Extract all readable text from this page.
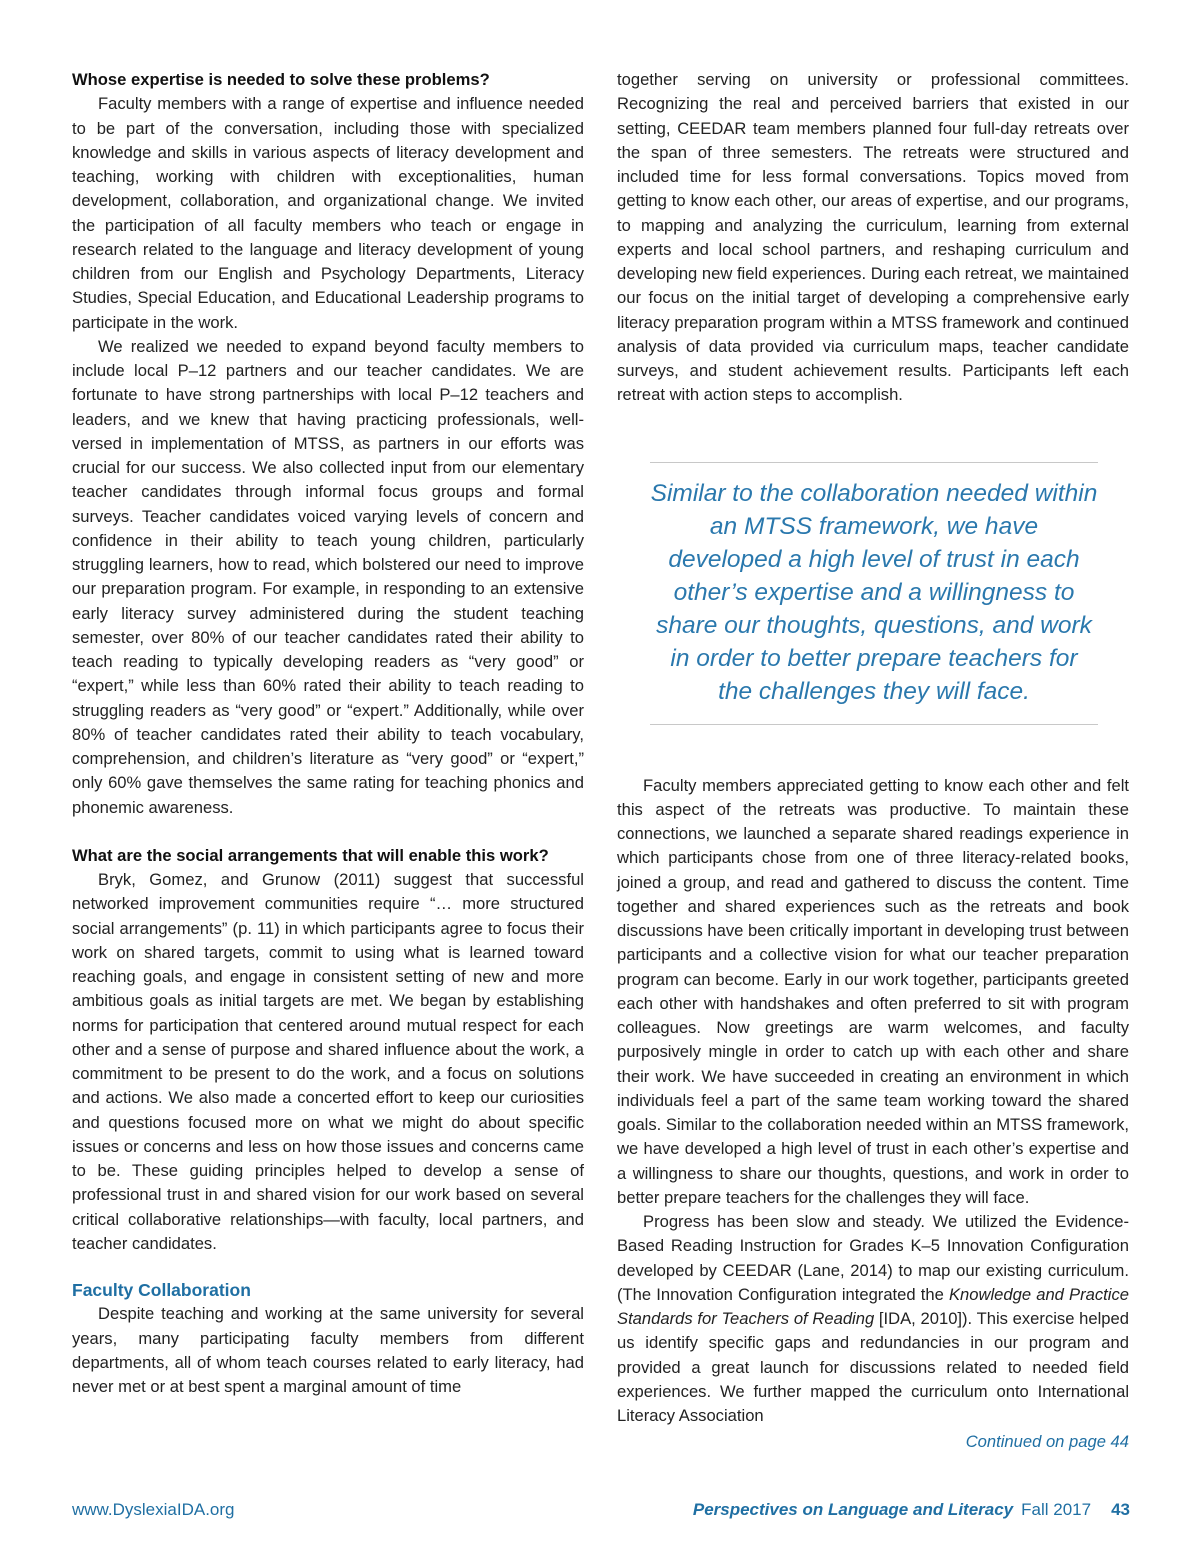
Whose expertise is needed to solve these problems?

Faculty members with a range of expertise and influence needed to be part of the conversation, including those with specialized knowledge and skills in various aspects of literacy development and teaching, working with children with exceptionalities, human development, collaboration, and organizational change. We invited the participation of all faculty members who teach or engage in research related to the language and literacy development of young children from our English and Psychology Departments, Literacy Studies, Special Education, and Educational Leadership programs to participate in the work.

We realized we needed to expand beyond faculty members to include local P–12 partners and our teacher candidates. We are fortunate to have strong partnerships with local P–12 teachers and leaders, and we knew that having practicing professionals, well-versed in implementation of MTSS, as partners in our efforts was crucial for our success. We also collected input from our elementary teacher candidates through informal focus groups and formal surveys. Teacher candidates voiced varying levels of concern and confidence in their ability to teach young children, particularly struggling learners, how to read, which bolstered our need to improve our preparation program. For example, in responding to an extensive early literacy survey administered during the student teaching semester, over 80% of our teacher candidates rated their ability to teach reading to typically developing readers as “very good” or “expert,” while less than 60% rated their ability to teach reading to struggling readers as “very good” or “expert.” Additionally, while over 80% of teacher candidates rated their ability to teach vocabulary, comprehension, and children’s literature as “very good” or “expert,” only 60% gave themselves the same rating for teaching phonics and phonemic awareness.

What are the social arrangements that will enable this work?

Bryk, Gomez, and Grunow (2011) suggest that successful networked improvement communities require “… more structured social arrangements” (p. 11) in which participants agree to focus their work on shared targets, commit to using what is learned toward reaching goals, and engage in consistent setting of new and more ambitious goals as initial targets are met. We began by establishing norms for participation that centered around mutual respect for each other and a sense of purpose and shared influence about the work, a commitment to be present to do the work, and a focus on solutions and actions. We also made a concerted effort to keep our curiosities and questions focused more on what we might do about specific issues or concerns and less on how those issues and concerns came to be. These guiding principles helped to develop a sense of professional trust in and shared vision for our work based on several critical collaborative relationships—with faculty, local partners, and teacher candidates.

Faculty Collaboration

Despite teaching and working at the same university for several years, many participating faculty members from different departments, all of whom teach courses related to early literacy, had never met or at best spent a marginal amount of time

together serving on university or professional committees. Recognizing the real and perceived barriers that existed in our setting, CEEDAR team members planned four full-day retreats over the span of three semesters. The retreats were structured and included time for less formal conversations. Topics moved from getting to know each other, our areas of expertise, and our programs, to mapping and analyzing the curriculum, learning from external experts and local school partners, and reshaping curriculum and developing new field experiences. During each retreat, we maintained our focus on the initial target of developing a comprehensive early literacy preparation program within a MTSS framework and continued analysis of data provided via curriculum maps, teacher candidate surveys, and student achievement results. Participants left each retreat with action steps to accomplish.

Faculty members appreciated getting to know each other and felt this aspect of the retreats was productive. To maintain these connections, we launched a separate shared readings experience in which participants chose from one of three literacy-related books, joined a group, and read and gathered to discuss the content. Time together and shared experiences such as the retreats and book discussions have been critically important in developing trust between participants and a collective vision for what our teacher preparation program can become. Early in our work together, participants greeted each other with handshakes and often preferred to sit with program colleagues. Now greetings are warm welcomes, and faculty purposively mingle in order to catch up with each other and share their work. We have succeeded in creating an environment in which individuals feel a part of the same team working toward the shared goals. Similar to the collaboration needed within an MTSS framework, we have developed a high level of trust in each other’s expertise and a willingness to share our thoughts, questions, and work in order to better prepare teachers for the challenges they will face.

Progress has been slow and steady. We utilized the Evidence-Based Reading Instruction for Grades K–5 Innovation Configuration developed by CEEDAR (Lane, 2014) to map our existing curriculum. (The Innovation Configuration integrated the Knowledge and Practice Standards for Teachers of Reading [IDA, 2010]). This exercise helped us identify specific gaps and redundancies in our program and provided a great launch for discussions related to needed field experiences. We further mapped the curriculum onto International Literacy Association

Continued on page 44
Similar to the collaboration needed within an MTSS framework, we have developed a high level of trust in each other’s expertise and a willingness to share our thoughts, questions, and work in order to better prepare teachers for the challenges they will face.
www.DyslexiaIDA.org	Perspectives on Language and Literacy Fall 2017 43
